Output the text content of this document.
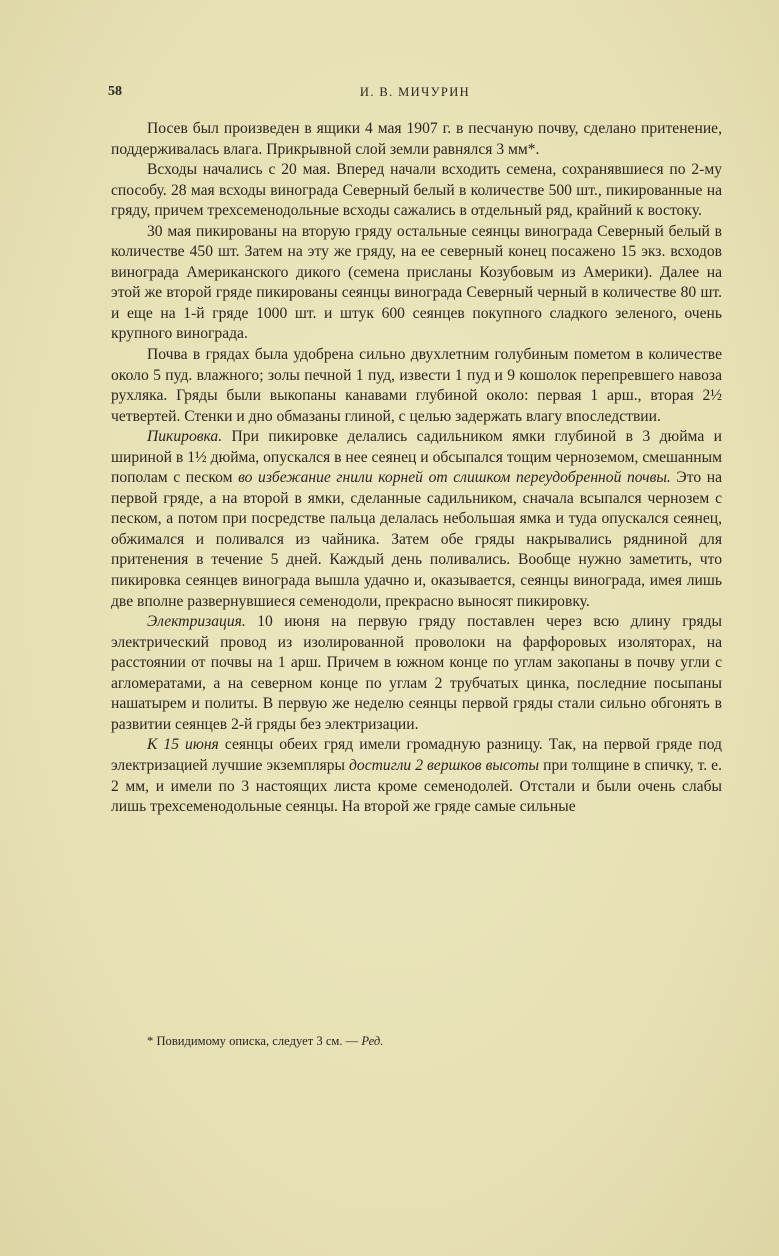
58	И. В. МИЧУРИН

Посев был произведен в ящики 4 мая 1907 г. в песчаную почву, сделано притенение, поддерживалась влага. Прикрывной слой земли равнялся 3 мм*.

Всходы начались с 20 мая. Вперед начали всходить семена, сохранявшиеся по 2-му способу. 28 мая всходы винограда Северный белый в количестве 500 шт., пикированные на гряду, причем трехсеменодольные всходы сажались в отдельный ряд, крайний к востоку.

30 мая пикированы на вторую гряду остальные сеянцы винограда Северный белый в количестве 450 шт. Затем на эту же гряду, на ее северный конец посажено 15 экз. всходов винограда Американского дикого (семена присланы Козубовым из Америки). Далее на этой же второй гряде пикированы сеянцы винограда Северный черный в количестве 80 шт. и еще на 1-й гряде 1000 шт. и штук 600 сеянцев покупного сладкого зеленого, очень крупного винограда.

Почва в грядах была удобрена сильно двухлетним голубиным пометом в количестве около 5 пуд. влажного; золы печной 1 пуд, извести 1 пуд и 9 кошолок перепревшего навоза рухляка. Гряды были выкопаны канавами глубиной около: первая 1 арш., вторая 2½ четвертей. Стенки и дно обмазаны глиной, с целью задержать влагу впоследствии.

Пикировка. При пикировке делались садильником ямки глубиной в 3 дюйма и шириной в 1½ дюйма, опускался в нее сеянец и обсыпался тощим черноземом, смешанным пополам с песком во избежание гнили корней от слишком переудобренной почвы. Это на первой гряде, а на второй в ямки, сделанные садильником, сначала всыпался чернозем с песком, а потом при посредстве пальца делалась небольшая ямка и туда опускался сеянец, обжимался и поливался из чайника. Затем обе гряды накрывались рядниной для притенения в течение 5 дней. Каждый день поливались. Вообще нужно заметить, что пикировка сеянцев винограда вышла удачно и, оказывается, сеянцы винограда, имея лишь две вполне развернувшиеся семенодоли, прекрасно выносят пикировку.

Электризация. 10 июня на первую гряду поставлен через всю длину гряды электрический провод из изолированной проволоки на фарфоровых изоляторах, на расстоянии от почвы на 1 арш. Причем в южном конце по углам закопаны в почву угли с агломератами, а на северном конце по углам 2 трубчатых цинка, последние посыпаны нашатырем и политы. В первую же неделю сеянцы первой гряды стали сильно обгонять в развитии сеянцев 2-й гряды без электризации.

К 15 июня сеянцы обеих гряд имели громадную разницу. Так, на первой гряде под электризацией лучшие экземпляры достигли 2 вершков высоты при толщине в спичку, т. е. 2 мм, и имели по 3 настоящих листа кроме семенодолей. Отстали и были очень слабы лишь трехсеменодольные сеянцы. На второй же гряде самые сильные

* Повидимому описка, следует 3 см. — Ред.
